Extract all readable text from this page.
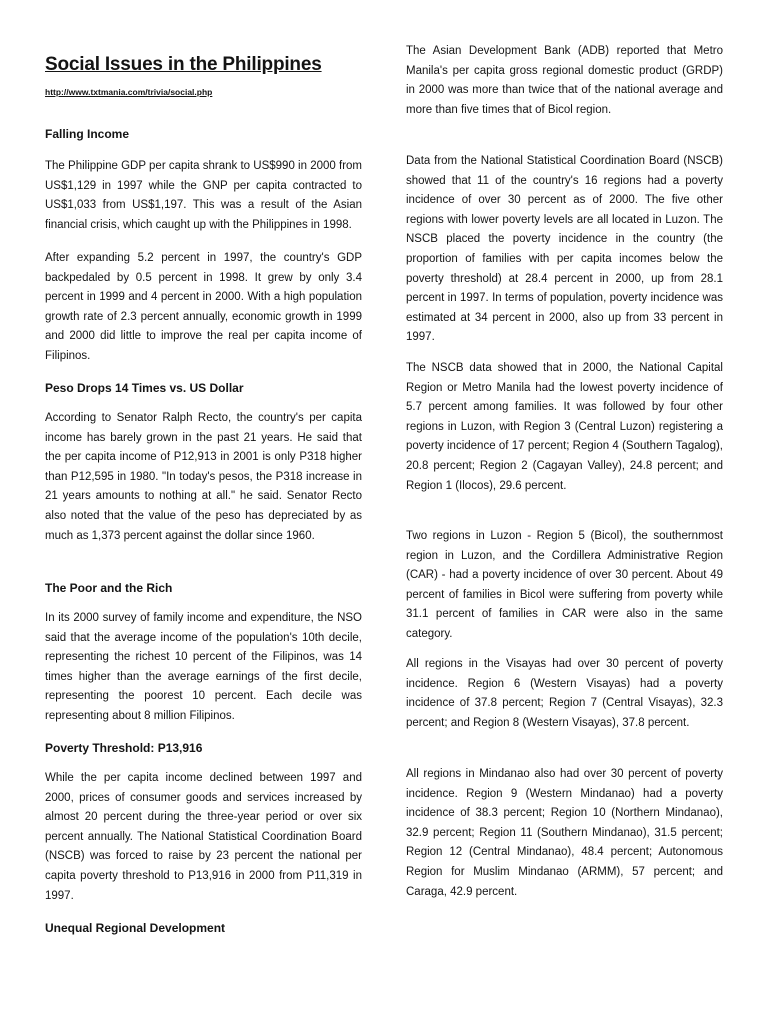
Social Issues in the Philippines
http://www.txtmania.com/trivia/social.php
Falling Income

The Philippine GDP per capita shrank to US$990 in 2000 from US$1,129 in 1997 while the GNP per capita contracted to US$1,033 from US$1,197. This was a result of the Asian financial crisis, which caught up with the Philippines in 1998.

After expanding 5.2 percent in 1997, the country's GDP backpedaled by 0.5 percent in 1998. It grew by only 3.4 percent in 1999 and 4 percent in 2000. With a high population growth rate of 2.3 percent annually, economic growth in 1999 and 2000 did little to improve the real per capita income of Filipinos.

Peso Drops 14 Times vs. US Dollar

According to Senator Ralph Recto, the country's per capita income has barely grown in the past 21 years. He said that the per capita income of P12,913 in 2001 is only P318 higher than P12,595 in 1980. "In today's pesos, the P318 increase in 21 years amounts to nothing at all." he said. Senator Recto also noted that the value of the peso has depreciated by as much as 1,373 percent against the dollar since 1960.

The Poor and the Rich

In its 2000 survey of family income and expenditure, the NSO said that the average income of the population's 10th decile, representing the richest 10 percent of the Filipinos, was 14 times higher than the average earnings of the first decile, representing the poorest 10 percent. Each decile was representing about 8 million Filipinos.

Poverty Threshold: P13,916

While the per capita income declined between 1997 and 2000, prices of consumer goods and services increased by almost 20 percent during the three-year period or over six percent annually. The National Statistical Coordination Board (NSCB) was forced to raise by 23 percent the national per capita poverty threshold to P13,916 in 2000 from P11,319 in 1997.

Unequal Regional Development

The Asian Development Bank (ADB) reported that Metro Manila's per capita gross regional domestic product (GRDP) in 2000 was more than twice that of the national average and more than five times that of Bicol region.

Data from the National Statistical Coordination Board (NSCB) showed that 11 of the country's 16 regions had a poverty incidence of over 30 percent as of 2000. The five other regions with lower poverty levels are all located in Luzon. The NSCB placed the poverty incidence in the country (the proportion of families with per capita incomes below the poverty threshold) at 28.4 percent in 2000, up from 28.1 percent in 1997. In terms of population, poverty incidence was estimated at 34 percent in 2000, also up from 33 percent in 1997.

The NSCB data showed that in 2000, the National Capital Region or Metro Manila had the lowest poverty incidence of 5.7 percent among families. It was followed by four other regions in Luzon, with Region 3 (Central Luzon) registering a poverty incidence of 17 percent; Region 4 (Southern Tagalog), 20.8 percent; Region 2 (Cagayan Valley), 24.8 percent; and Region 1 (Ilocos), 29.6 percent.

Two regions in Luzon - Region 5 (Bicol), the southernmost region in Luzon, and the Cordillera Administrative Region (CAR) - had a poverty incidence of over 30 percent. About 49 percent of families in Bicol were suffering from poverty while 31.1 percent of families in CAR were also in the same category.

All regions in the Visayas had over 30 percent of poverty incidence. Region 6 (Western Visayas) had a poverty incidence of 37.8 percent; Region 7 (Central Visayas), 32.3 percent; and Region 8 (Western Visayas), 37.8 percent.

All regions in Mindanao also had over 30 percent of poverty incidence. Region 9 (Western Mindanao) had a poverty incidence of 38.3 percent; Region 10 (Northern Mindanao), 32.9 percent; Region 11 (Southern Mindanao), 31.5 percent; Region 12 (Central Mindanao), 48.4 percent; Autonomous Region for Muslim Mindanao (ARMM), 57 percent; and Caraga, 42.9 percent.
